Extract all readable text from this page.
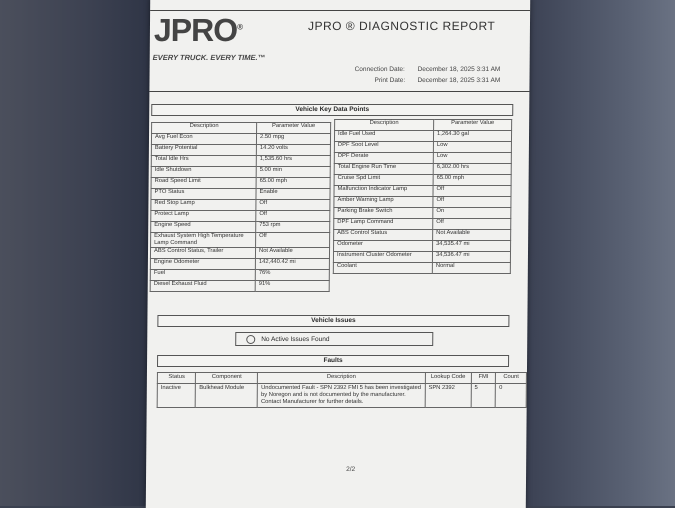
JPRO®
EVERY TRUCK. EVERY TIME.™
JPRO ® DIAGNOSTIC REPORT
Connection Date: December 18, 2025 3:31 AM
Print Date: December 18, 2025 3:31 AM
Vehicle Key Data Points
Description	Parameter Value
Avg Fuel Econ	2.50 mpg
Battery Potential	14.20 volts
Total Idle Hrs	1,535.60 hrs
Idle Shutdown	5.00 min
Road Speed Limit	65.00 mph
PTO Status	Enable
Red Stop Lamp	Off
Protect Lamp	Off
Engine Speed	753 rpm
Exhaust System High Temperature Lamp Command	Off
ABS Control Status, Trailer	Not Available
Engine Odometer	142,440.42 mi
Fuel	76%
Diesel Exhaust Fluid	91%
Description	Parameter Value
Idle Fuel Used	1,264.30 gal
DPF Soot Level	Low
DPF Derate	Low
Total Engine Run Time	6,302.00 hrs
Cruise Spd Limit	65.00 mph
Malfunction Indicator Lamp	Off
Amber Warning Lamp	Off
Parking Brake Switch	On
DPF Lamp Command	Off
ABS Control Status	Not Available
Odometer	34,535.47 mi
Instrument Cluster Odometer	34,536.47 mi
Coolant	Normal
Vehicle Issues
No Active Issues Found
Faults
Status	Component	Description	Lookup Code	FMI	Count
Inactive	Bulkhead Module	Undocumented Fault - SPN 2392 FMI 5 has been investigated by Noregon and is not documented by the manufacturer. Contact Manufacturer for further details.	SPN 2392	5	0
2/2
